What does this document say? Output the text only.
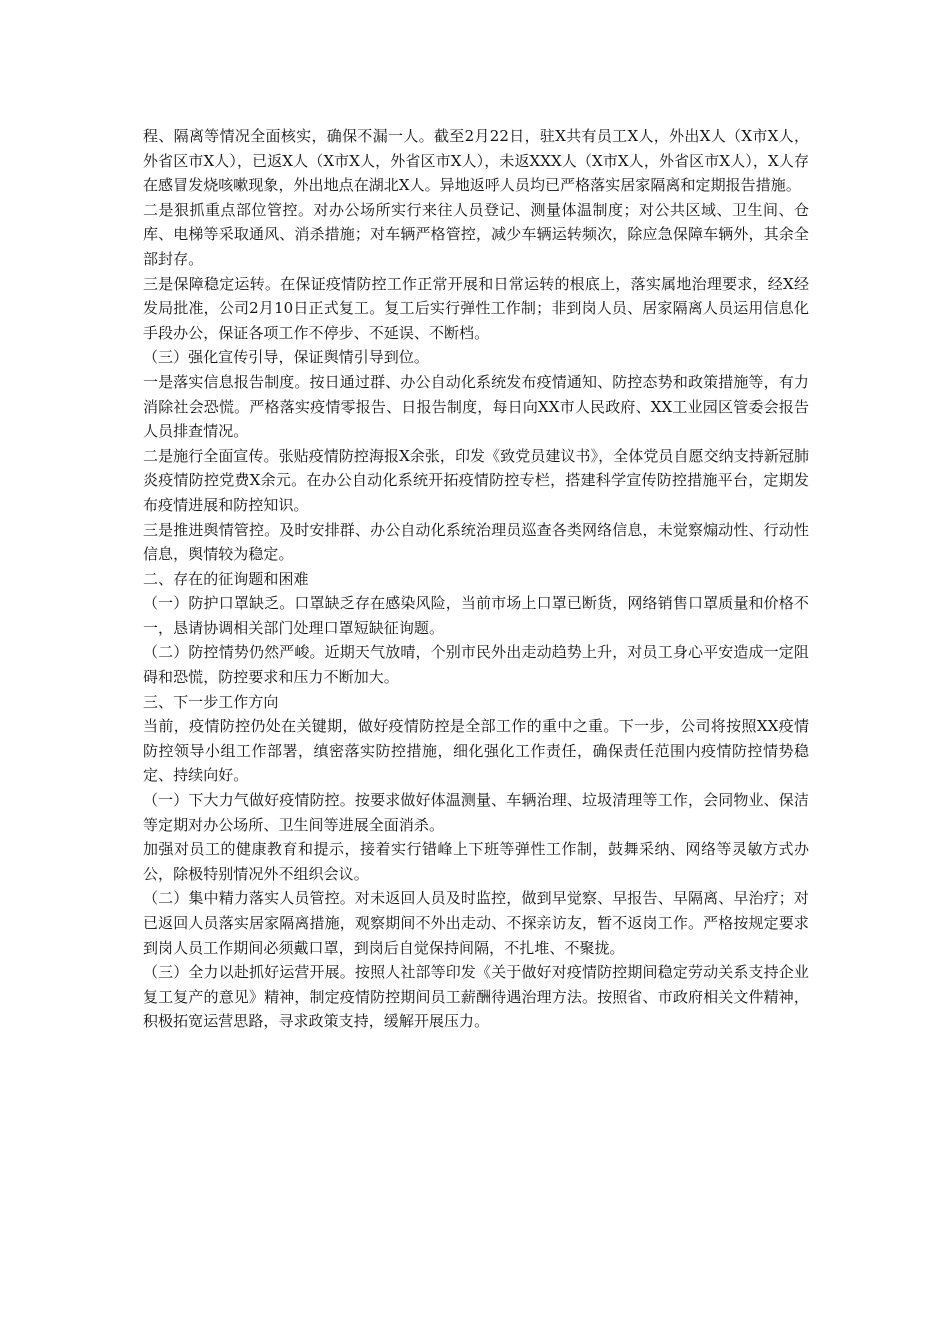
程、隔离等情况全面核实，确保不漏一人。截至2月22日，驻X共有员工X人，外出X人（X市X人，外省区市X人），已返X人（X市X人，外省区市X人），未返XXX人（X市X人，外省区市X人），X人存在感冒发烧咳嗽现象，外出地点在湖北X人。异地返呼人员均已严格落实居家隔离和定期报告措施。

二是狠抓重点部位管控。对办公场所实行来往人员登记、测量体温制度；对公共区域、卫生间、仓库、电梯等采取通风、消杀措施；对车辆严格管控，减少车辆运转频次，除应急保障车辆外，其余全部封存。

三是保障稳定运转。在保证疫情防控工作正常开展和日常运转的根底上，落实属地治理要求，经X经发局批准，公司2月10日正式复工。复工后实行弹性工作制；非到岗人员、居家隔离人员运用信息化手段办公，保证各项工作不停步、不延误、不断档。

（三）强化宣传引导，保证舆情引导到位。

一是落实信息报告制度。按日通过群、办公自动化系统发布疫情通知、防控态势和政策措施等，有力消除社会恐慌。严格落实疫情零报告、日报告制度，每日向XX市人民政府、XX工业园区管委会报告人员排查情况。

二是施行全面宣传。张贴疫情防控海报X余张，印发《致党员建议书》，全体党员自愿交纳支持新冠肺炎疫情防控党费X余元。在办公自动化系统开拓疫情防控专栏，搭建科学宣传防控措施平台，定期发布疫情进展和防控知识。

三是推进舆情管控。及时安排群、办公自动化系统治理员巡查各类网络信息，未觉察煽动性、行动性信息，舆情较为稳定。

二、存在的征询题和困难

（一）防护口罩缺乏。口罩缺乏存在感染风险，当前市场上口罩已断货，网络销售口罩质量和价格不一，恳请协调相关部门处理口罩短缺征询题。

（二）防控情势仍然严峻。近期天气放晴，个别市民外出走动趋势上升，对员工身心平安造成一定阻碍和恐慌，防控要求和压力不断加大。

三、下一步工作方向

当前，疫情防控仍处在关键期，做好疫情防控是全部工作的重中之重。下一步，公司将按照XX疫情防控领导小组工作部署，缜密落实防控措施，细化强化工作责任，确保责任范围内疫情防控情势稳定、持续向好。

（一）下大力气做好疫情防控。按要求做好体温测量、车辆治理、垃圾清理等工作，会同物业、保洁等定期对办公场所、卫生间等进展全面消杀。

加强对员工的健康教育和提示，接着实行错峰上下班等弹性工作制，鼓舞采纳、网络等灵敏方式办公，除极特别情况外不组织会议。

（二）集中精力落实人员管控。对未返回人员及时监控，做到早觉察、早报告、早隔离、早治疗；对已返回人员落实居家隔离措施，观察期间不外出走动、不探亲访友，暂不返岗工作。严格按规定要求到岗人员工作期间必须戴口罩，到岗后自觉保持间隔，不扎堆、不聚拢。

（三）全力以赴抓好运营开展。按照人社部等印发《关于做好对疫情防控期间稳定劳动关系支持企业复工复产的意见》精神，制定疫情防控期间员工薪酬待遇治理方法。按照省、市政府相关文件精神，积极拓宽运营思路，寻求政策支持，缓解开展压力。
